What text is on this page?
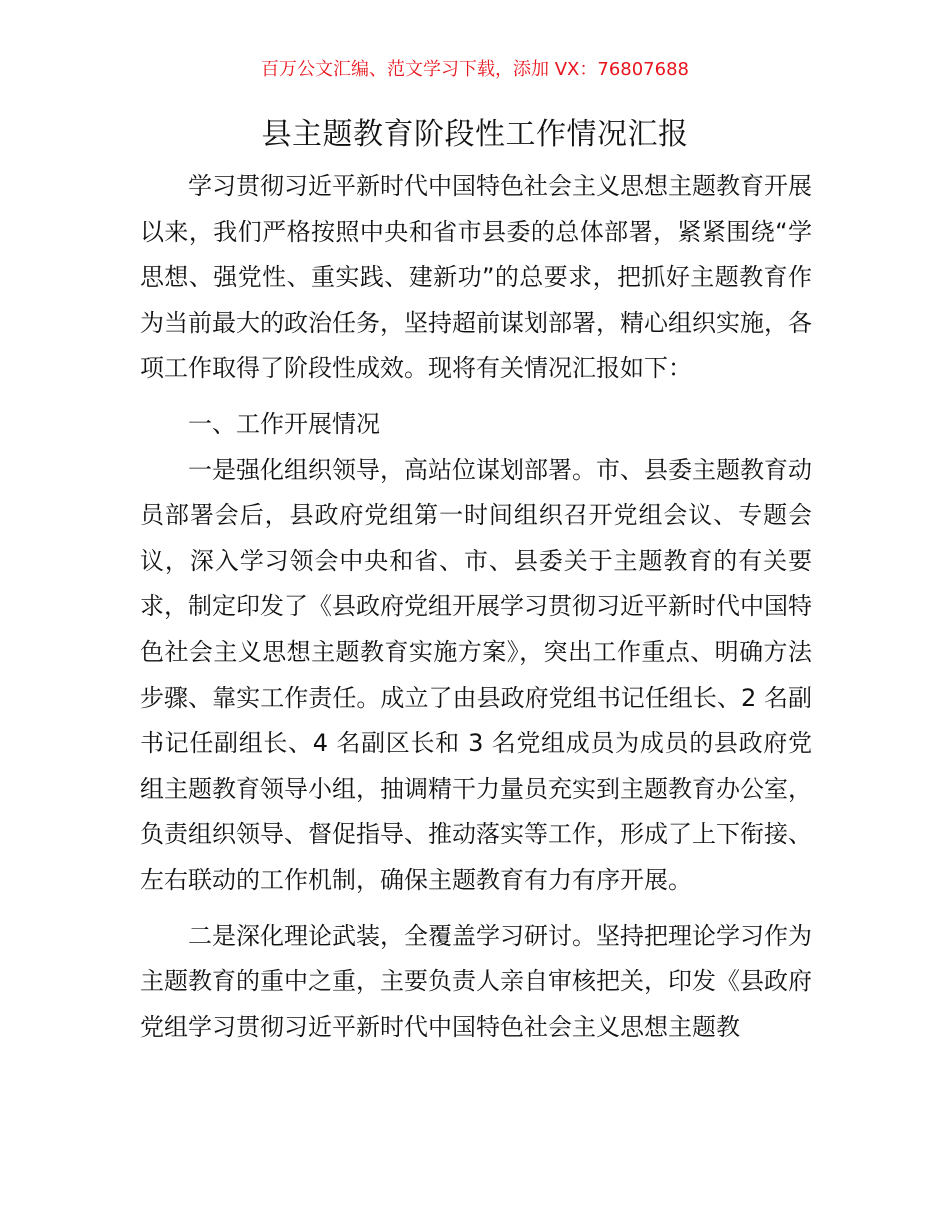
百万公文汇编、范文学习下载，添加 VX：76807688
县主题教育阶段性工作情况汇报

学习贯彻习近平新时代中国特色社会主义思想主题教育开展以来，我们严格按照中央和省市县委的总体部署，紧紧围绕“学思想、强党性、重实践、建新功”的总要求，把抓好主题教育作为当前最大的政治任务，坚持超前谋划部署，精心组织实施，各项工作取得了阶段性成效。现将有关情况汇报如下：

一、工作开展情况

一是强化组织领导，高站位谋划部署。市、县委主题教育动员部署会后，县政府党组第一时间组织召开党组会议、专题会议，深入学习领会中央和省、市、县委关于主题教育的有关要求，制定印发了《县政府党组开展学习贯彻习近平新时代中国特色社会主义思想主题教育实施方案》，突出工作重点、明确方法步骤、靠实工作责任。成立了由县政府党组书记任组长、2 名副书记任副组长、4 名副区长和 3 名党组成员为成员的县政府党组主题教育领导小组，抽调精干力量员充实到主题教育办公室，负责组织领导、督促指导、推动落实等工作，形成了上下衔接、左右联动的工作机制，确保主题教育有力有序开展。

二是深化理论武装，全覆盖学习研讨。坚持把理论学习作为主题教育的重中之重，主要负责人亲自审核把关，印发《县政府党组学习贯彻习近平新时代中国特色社会主义思想主题教
